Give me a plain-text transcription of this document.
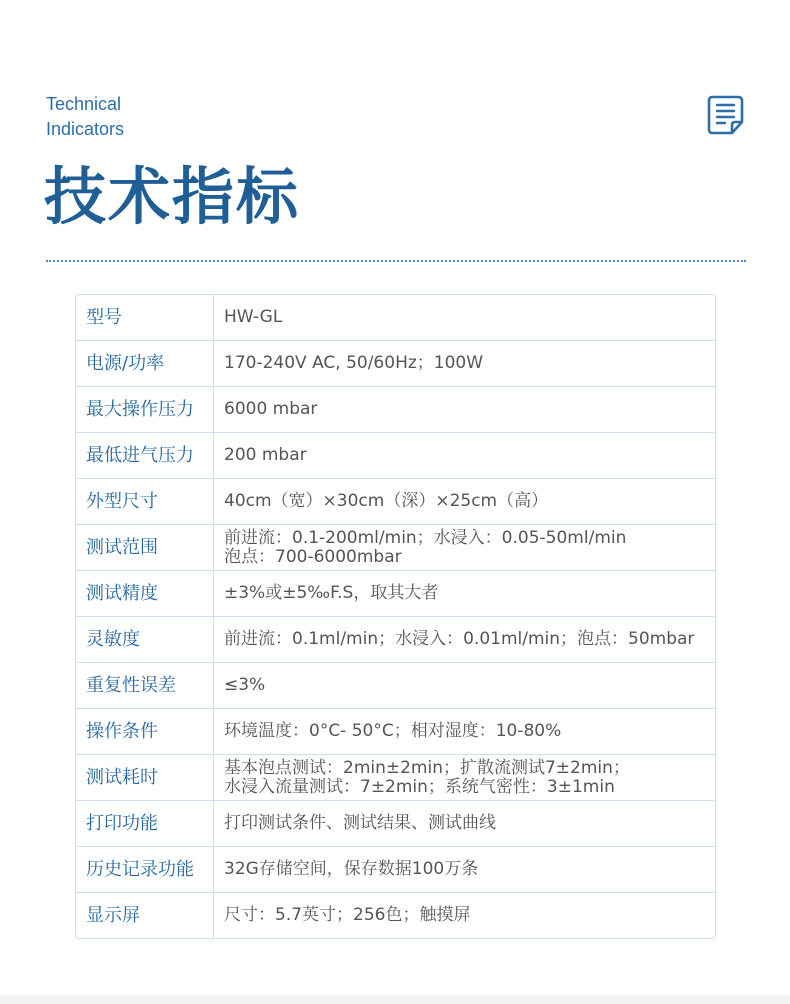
Technical
Indicators
技术指标
型号	HW-GL
电源/功率	170-240V AC, 50/60Hz；100W
最大操作压力	6000 mbar
最低进气压力	200 mbar
外型尺寸	40cm（宽）×30cm（深）×25cm（高）
测试范围	前进流：0.1-200ml/min；水浸入：0.05-50ml/min
泡点：700-6000mbar
测试精度	±3%或±5‰F.S，取其大者
灵敏度	前进流：0.1ml/min；水浸入：0.01ml/min；泡点：50mbar
重复性误差	≤3%
操作条件	环境温度：0°C- 50°C；相对湿度：10-80%
测试耗时	基本泡点测试：2min±2min；扩散流测试7±2min；
水浸入流量测试：7±2min；系统气密性：3±1min
打印功能	打印测试条件、测试结果、测试曲线
历史记录功能	32G存储空间，保存数据100万条
显示屏	尺寸：5.7英寸；256色；触摸屏
